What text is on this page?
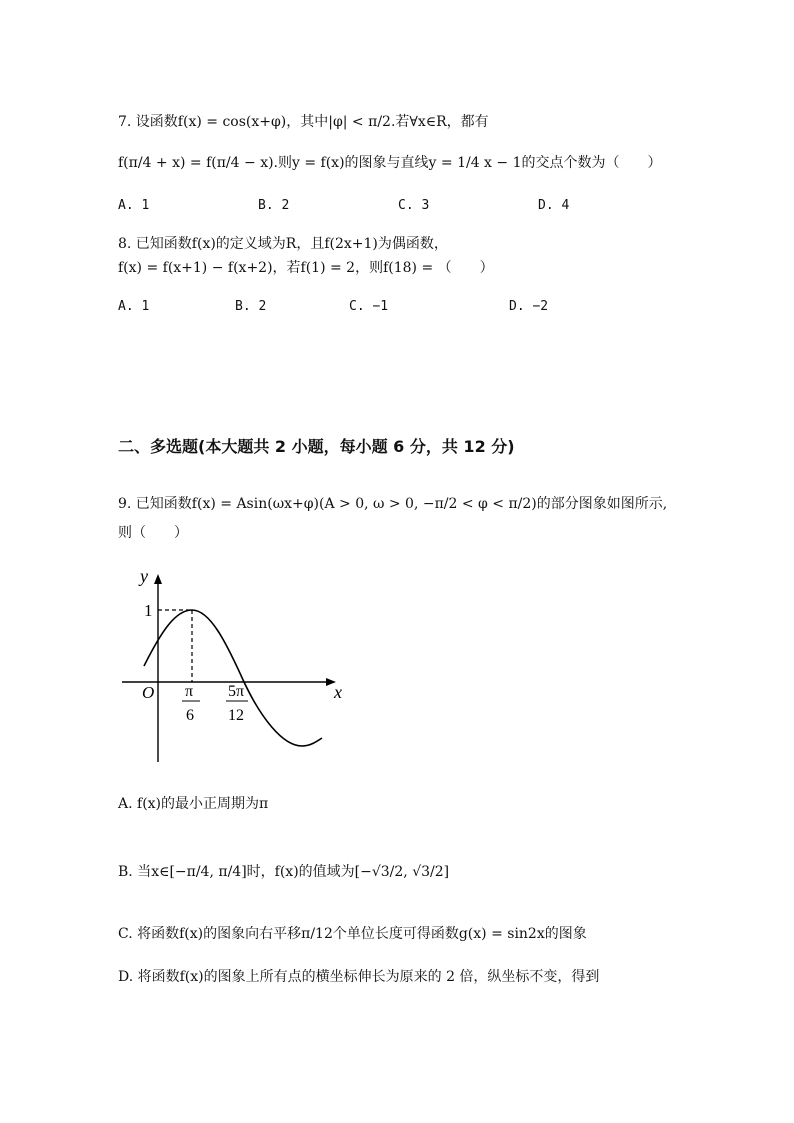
7. 设函数f(x) = cos(x+φ)，其中|φ| < π/2.若∀x∈R，都有
f(π/4 + x) = f(π/4 − x).则y = f(x)的图象与直线y = 1/4 x − 1的交点个数为（　　）
A. 1	B. 2	C. 3	D. 4
8. 已知函数f(x)的定义域为R，且f(2x+1)为偶函数，
f(x) = f(x+1) − f(x+2)，若f(1) = 2，则f(18) = （　　）
A. 1	B. 2	C. −1	D. −2
二、多选题(本大题共 2 小题，每小题 6 分，共 12 分)
9. 已知函数f(x) = Asin(ωx+φ)(A > 0, ω > 0, −π/2 < φ < π/2)的部分图象如图所示,
则（　　）
y
x
O
1
π
6
5π
12
A. f(x)的最小正周期为π
B. 当x∈[−π/4, π/4]时，f(x)的值域为[−√3/2, √3/2]
C. 将函数f(x)的图象向右平移π/12个单位长度可得函数g(x) = sin2x的图象
D. 将函数f(x)的图象上所有点的横坐标伸长为原来的 2 倍，纵坐标不变，得到
